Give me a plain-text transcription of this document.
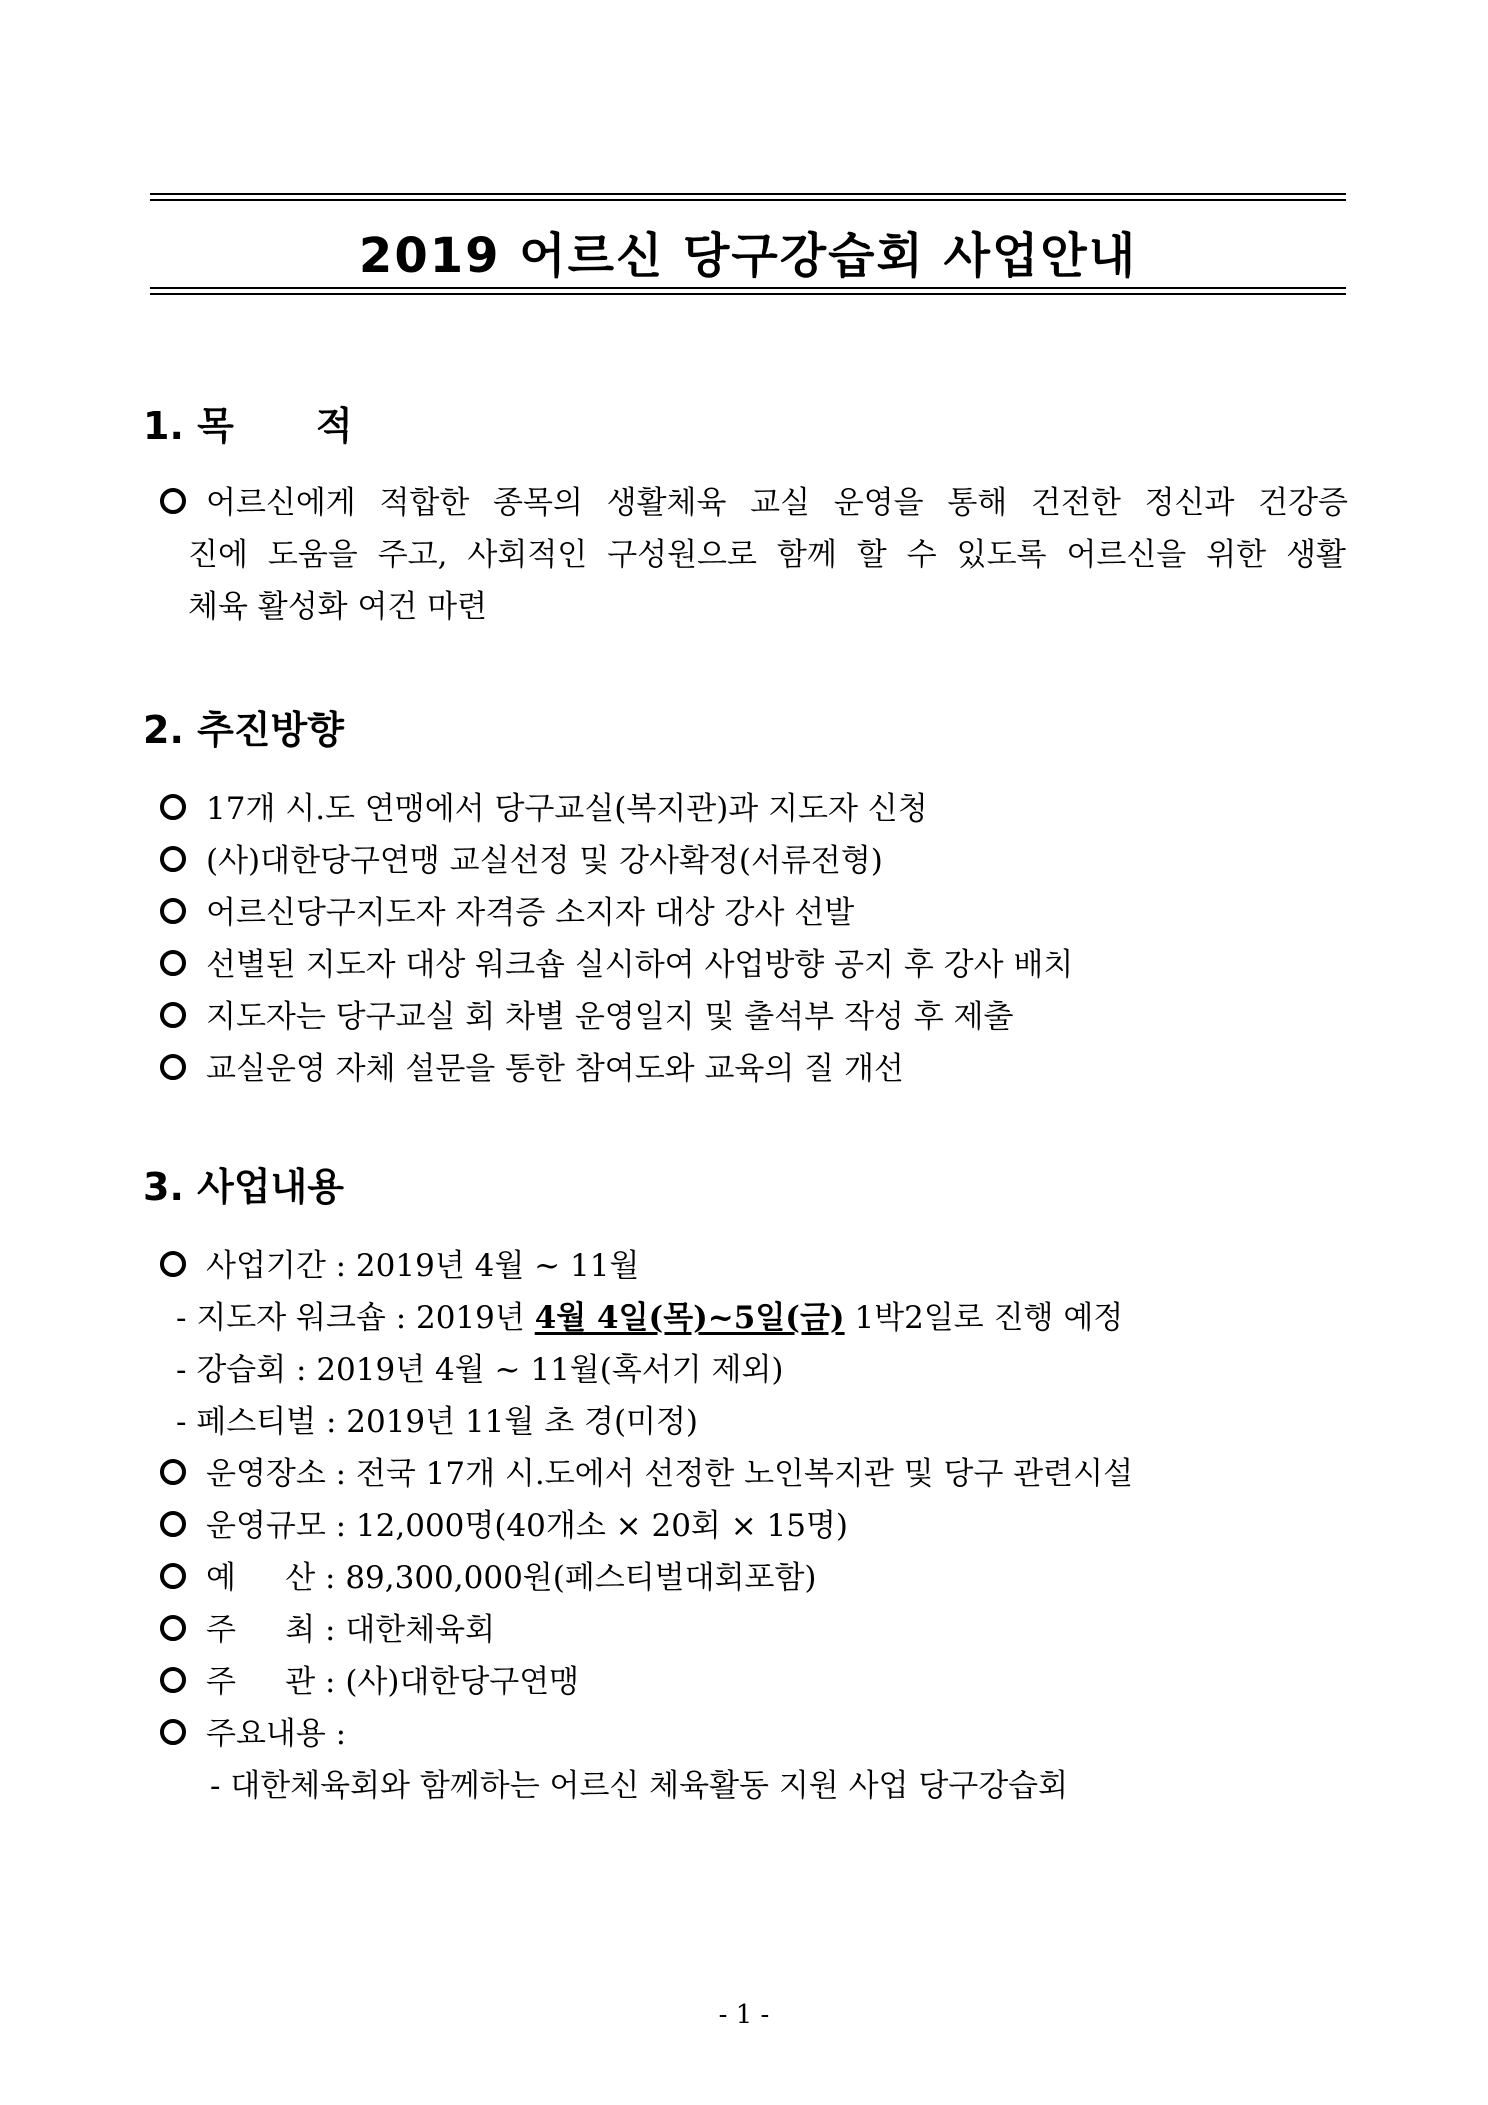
2019 어르신 당구강습회 사업안내
1. 목 적
어르신에게 적합한 종목의 생활체육 교실 운영을 통해 건전한 정신과 건강증
진에 도움을 주고, 사회적인 구성원으로 함께 할 수 있도록 어르신을 위한 생활
체육 활성화 여건 마련
2. 추진방향
17개 시.도 연맹에서 당구교실(복지관)과 지도자 신청
(사)대한당구연맹 교실선정 및 강사확정(서류전형)
어르신당구지도자 자격증 소지자 대상 강사 선발
선별된 지도자 대상 워크숍 실시하여 사업방향 공지 후 강사 배치
지도자는 당구교실 회 차별 운영일지 및 출석부 작성 후 제출
교실운영 자체 설문을 통한 참여도와 교육의 질 개선
3. 사업내용
사업기간 : 2019년 4월 ~ 11월
- 지도자 워크숍 : 2019년 4월 4일(목)~5일(금) 1박2일로 진행 예정
- 강습회 : 2019년 4월 ~ 11월(혹서기 제외)
- 페스티벌 : 2019년 11월 초 경(미정)
운영장소 : 전국 17개 시.도에서 선정한 노인복지관 및 당구 관련시설
운영규모 : 12,000명(40개소 × 20회 × 15명)
예     산 : 89,300,000원(페스티벌대회포함)
주     최 : 대한체육회
주     관 : (사)대한당구연맹
주요내용 :
- 대한체육회와 함께하는 어르신 체육활동 지원 사업 당구강습회
- 1 -
